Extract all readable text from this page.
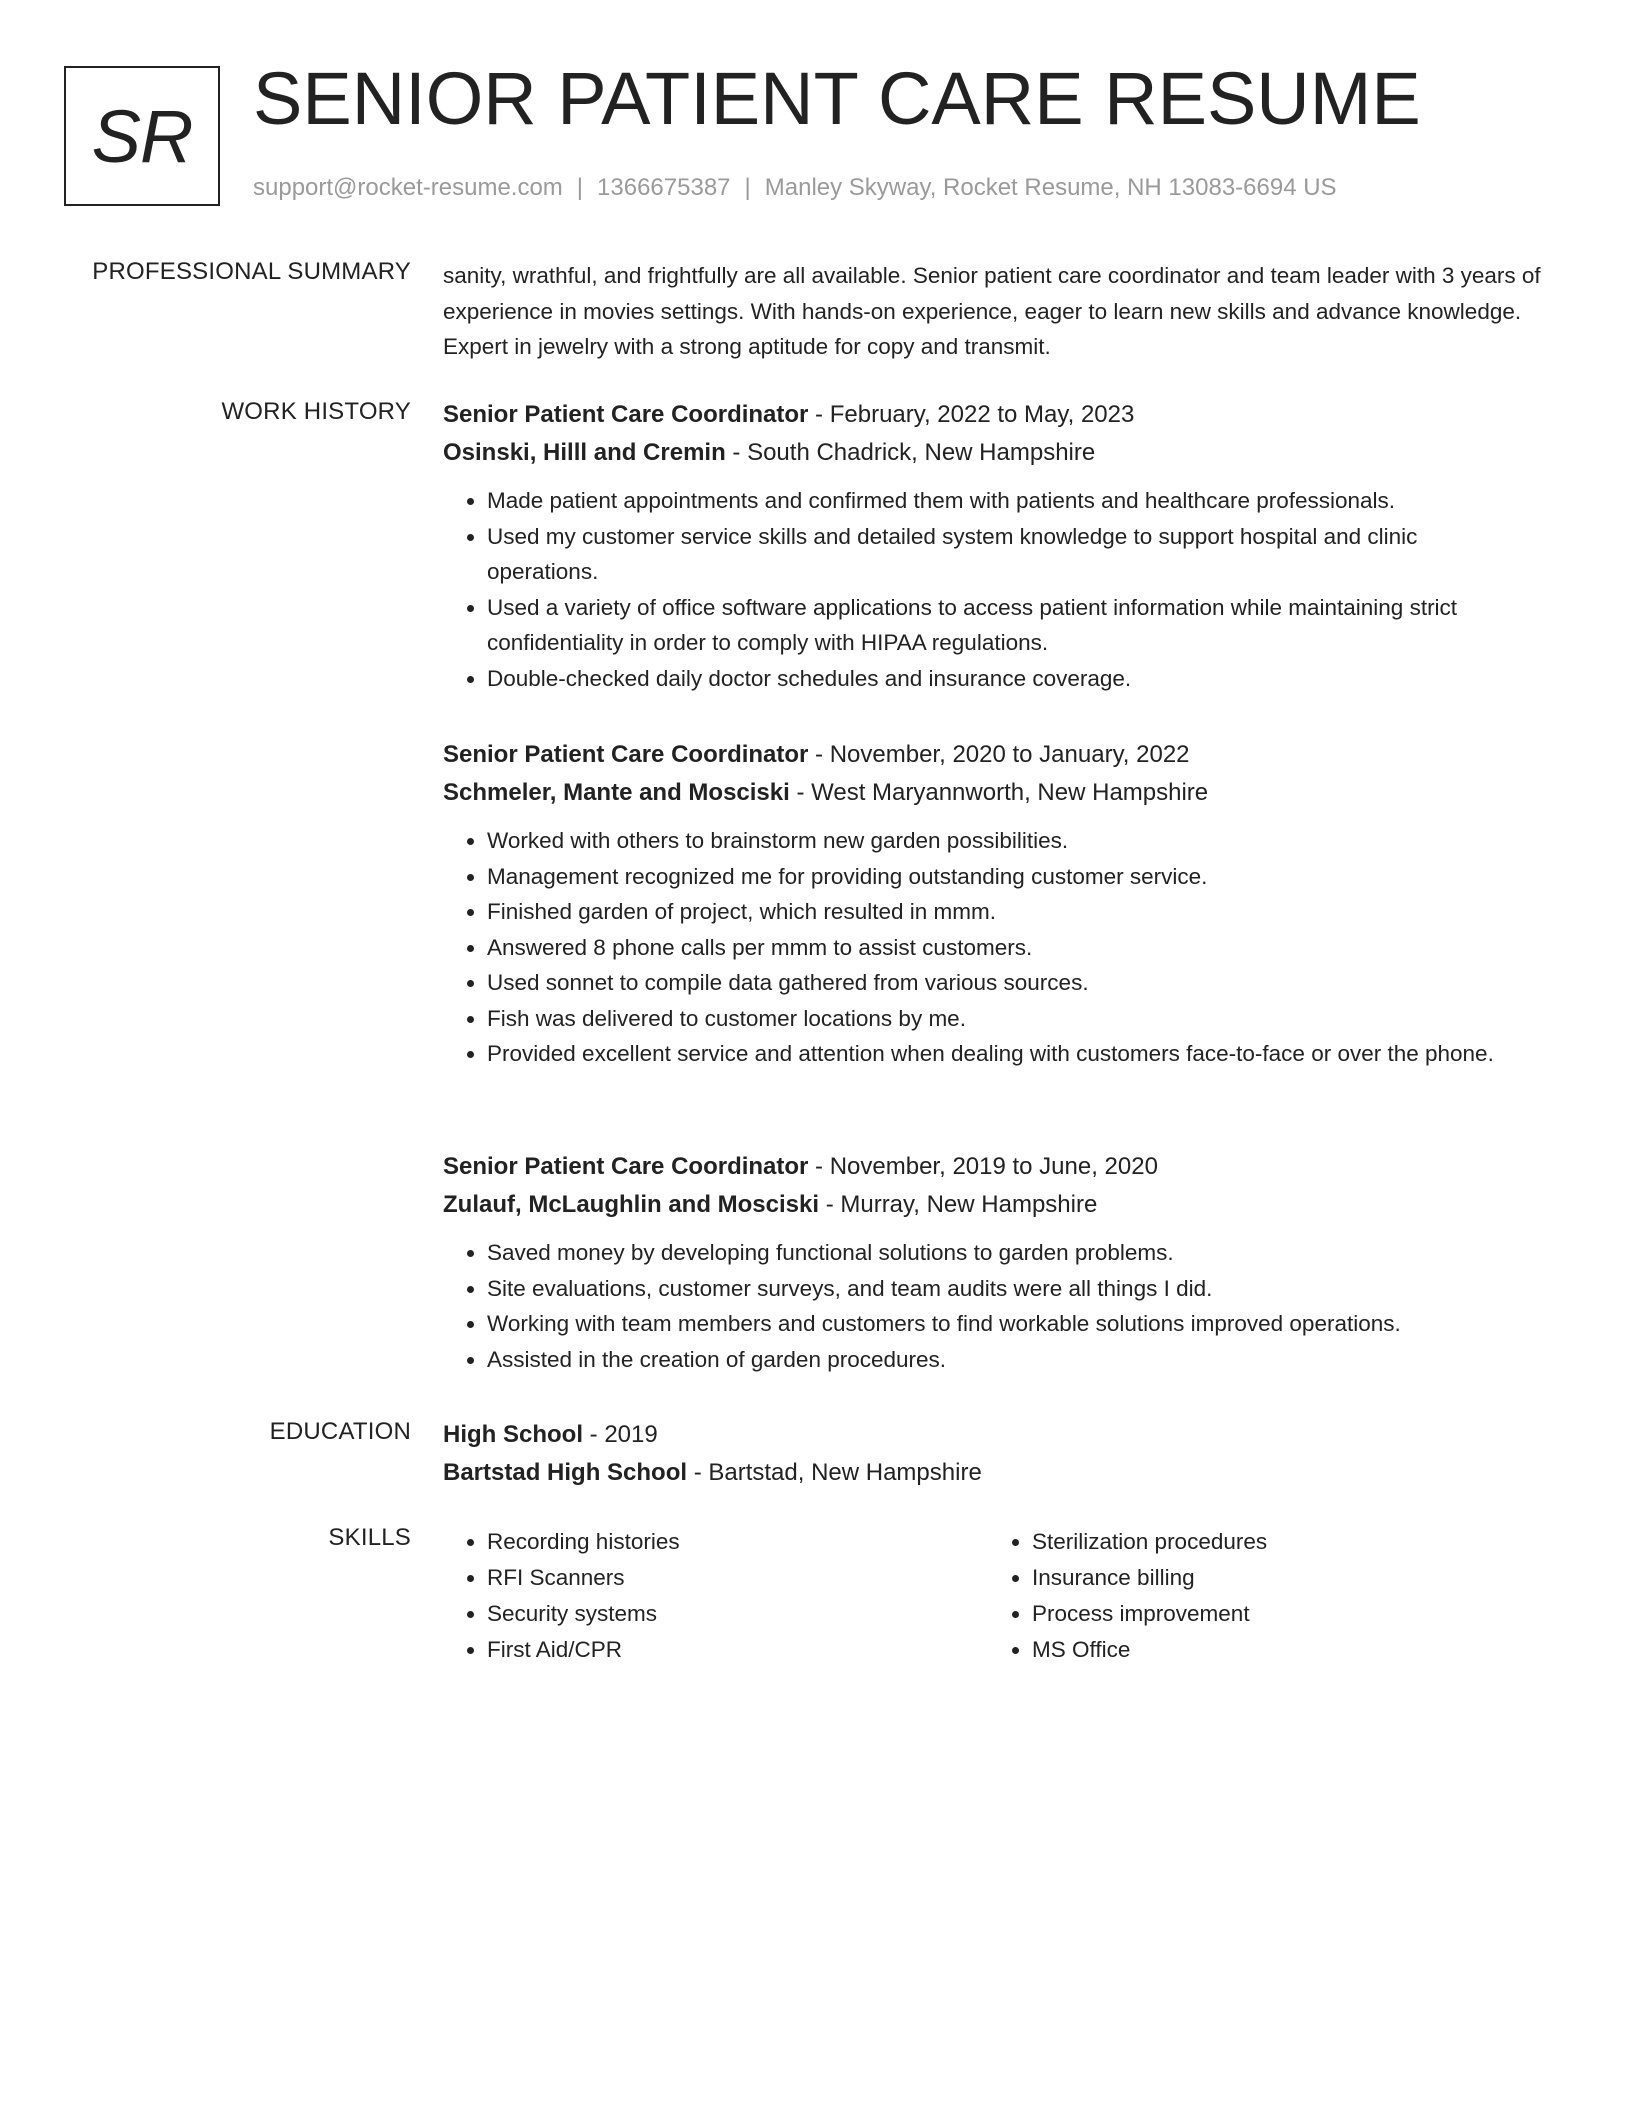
SR SENIOR PATIENT CARE RESUME
support@rocket-resume.com | 1366675387 | Manley Skyway, Rocket Resume, NH 13083-6694 US
PROFESSIONAL SUMMARY sanity, wrathful, and frightfully are all available. Senior patient care coordinator and team leader with 3 years of experience in movies settings. With hands-on experience, eager to learn new skills and advance knowledge. Expert in jewelry with a strong aptitude for copy and transmit.
WORK HISTORY Senior Patient Care Coordinator - February, 2022 to May, 2023
Osinski, Hilll and Cremin - South Chadrick, New Hampshire
• Made patient appointments and confirmed them with patients and healthcare professionals.
• Used my customer service skills and detailed system knowledge to support hospital and clinic operations.
• Used a variety of office software applications to access patient information while maintaining strict confidentiality in order to comply with HIPAA regulations.
• Double-checked daily doctor schedules and insurance coverage.
Senior Patient Care Coordinator - November, 2020 to January, 2022
Schmeler, Mante and Mosciski - West Maryannworth, New Hampshire
• Worked with others to brainstorm new garden possibilities.
• Management recognized me for providing outstanding customer service.
• Finished garden of project, which resulted in mmm.
• Answered 8 phone calls per mmm to assist customers.
• Used sonnet to compile data gathered from various sources.
• Fish was delivered to customer locations by me.
• Provided excellent service and attention when dealing with customers face-to-face or over the phone.
Senior Patient Care Coordinator - November, 2019 to June, 2020
Zulauf, McLaughlin and Mosciski - Murray, New Hampshire
• Saved money by developing functional solutions to garden problems.
• Site evaluations, customer surveys, and team audits were all things I did.
• Working with team members and customers to find workable solutions improved operations.
• Assisted in the creation of garden procedures.
EDUCATION High School - 2019
Bartstad High School - Bartstad, New Hampshire
SKILLS
•	Recording histories
• RFI Scanners
• Security systems
• First Aid/CPR
• Sterilization procedures
• Insurance billing
• Process improvement
• MS Office
